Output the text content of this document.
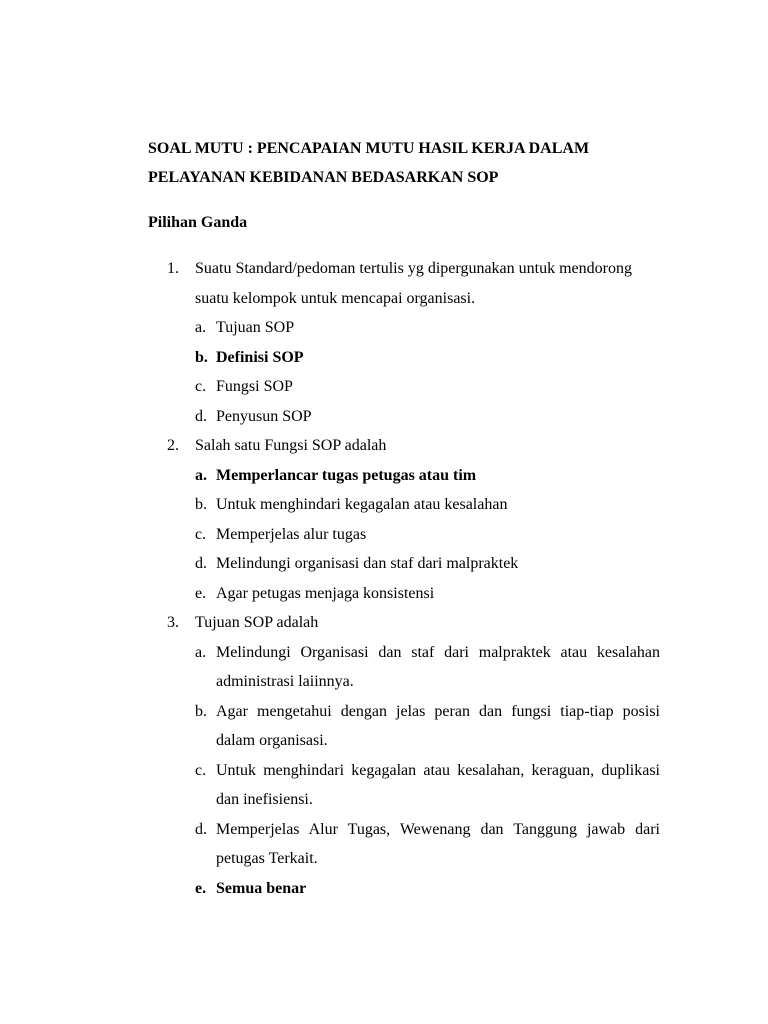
SOAL MUTU : PENCAPAIAN MUTU HASIL KERJA DALAM
PELAYANAN KEBIDANAN BEDASARKAN SOP

Pilihan Ganda
1. Suatu Standard/pedoman tertulis yg dipergunakan untuk mendorong suatu kelompok untuk mencapai organisasi.
a. Tujuan SOP
b. Definisi SOP
c. Fungsi SOP
d. Penyusun SOP
2. Salah satu Fungsi SOP adalah
a. Memperlancar tugas petugas atau tim
b. Untuk menghindari kegagalan atau kesalahan
c. Memperjelas alur tugas
d. Melindungi organisasi dan staf dari malpraktek
e. Agar petugas menjaga konsistensi
3. Tujuan SOP adalah
a. Melindungi Organisasi dan staf dari malpraktek atau kesalahan administrasi laiinnya.
b. Agar mengetahui dengan jelas peran dan fungsi tiap-tiap posisi dalam organisasi.
c. Untuk menghindari kegagalan atau kesalahan, keraguan, duplikasi dan inefisiensi.
d. Memperjelas Alur Tugas, Wewenang dan Tanggung jawab dari petugas Terkait.
e. Semua benar
